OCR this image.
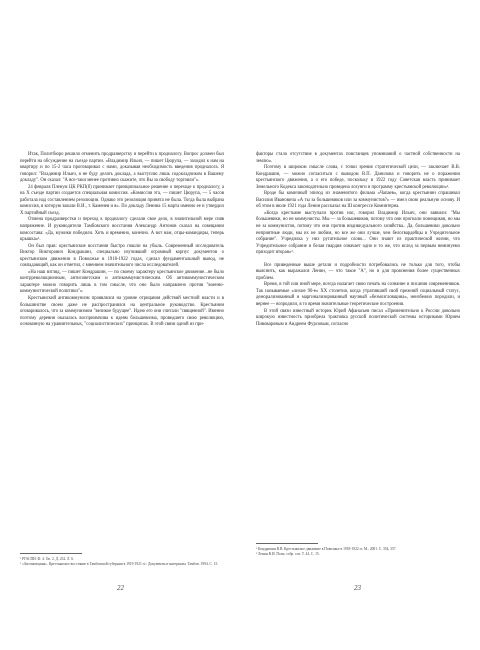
Итак, Политбюро решило отменить продразверстку и перейти к продналогу. Вопрос должен был перейти на обсуждение на съезде партии. «Владимир Ильич, — пишет Цюрупа, — заходил к нам на квартиру и по 15-2 часа проговаривал с нами, доказывая необходимость введения продналога. Я говорил: "Владимир Ильич, я не буду делать доклада, а выступлю лишь содокладчиком в Вашему докладу". Он сказал: "А все-таки менее противно скажите, что Вы за свободу торговли"».

24 февраля Пленум ЦК РКП(б) принимает принципиальное решение о переходе к продналогу, а на X съезде партии создается специальная комиссия. «Комиссия эта, — пишет Цюрупа, — 5 часов работала над составлением резолюции. Однако это резолюция принята не была. Тогда была выбрана комиссия, в которую вошли В.И., т. Каменев и я». По докладу Ленина 15 марта именно ее и утвердил X партийный съезд.

Отмена продразверстки и переход к продналогу сделали свое дело, в значительной мере сняв напряжение. И руководители Тамбовского восстания Александр Антонов сказал на совещании комсостава: «Да, мужики победили. Хоть и временно, конечно. А вот нам, отцы-командиры, теперь крышка»¹.

Он был прав: крестьянские восстания быстро пошли на убыль. Современный исследователь Виктор Викторович Кондрашин, специально изучивший огромный корпус документов о крестьянском движении в Поволжье в 1918-1922 годах, сделал фундаментальный вывод, не совпадающий, как он отметил, с мнением значительного числа исследователей.

«На наш взгляд, — пишет Кондрашин, — по своему характеру крестьянское движение...не было контрреволюционным, антисоветским и антикоммунистическим. Об антикоммунистическом характере можно говорить лишь в том смысле, что оно было направлено против "военно-коммунистической политики"».

Крестьянский антикоммунизм проявлялся на уровне отрицания действий местной власти и в большинстве своем даже не распространялся на центральное руководство. Крестьянин оговаривалось, что за коммунизмом "великое будущее". Идею его они считали "священной". Именно поэтому деревня оказалась восприимчива к идеям большевизма, проведшего свою революцию, основанную на уравнительных, "социалистических" принципах. В этой связи одной из при-

¹ РГАСПИ. Ф. 4. Оп. 2. Д. 232. Л. 6.
² «Антоновщина». Крестьянское восстание в Тамбовской губернии в 1919-1921 гг.: Документы и материалы. Тамбов. 1994. С. 15.
22

факторы стало отсутствие в документах повстанцев упоминаний о частной собственности на землю».

Поэтому в широком смысле слова, с точки зрения стратегической цели, — заключает В.В. Кондрашин, — можно согласиться с выводом В.П. Данилова и говорить не о поражении крестьянского движения, а о его победе, поскольку в 1922 году Советская власть принимает Земельного Кодекса законодательно проведена лозунги и программу крестьянской революции»¹.

Вроде бы комичный эпизод из знаменитого фильма «Чапаев», когда крестьянин спрашивал Василия Ивановича «А ты за большевиков или за коммунистов?» — имел свою реальную основу. И об этом в июле 1921 года Ленин рассказал на III конгрессе Коминтерна.

«Когда крестьяне выступали против нас, говорил Владимир Ильич, они заявили: "Мы большевики, но не коммунисты. Мы — за большевиков, потому что они прогнали помещиков, но мы не за коммунистов, потому что они против индивидуального хозяйства.. Да, большевики довольно неприятные люди, мы их не любим, но все же они лучше, чем белогвардейцы и Учредительное собрание". Учредилка у них ругательное слово... Они знают из практической жизни, что Учредительное собрание и белая гвардия означает одно и то же, что вслед за первым неминуемо приходит вторая»².

Все приведенные выше детали и подробности потребовались не только для того, чтобы выяснить, как выражался Ленин, — что такое "А", но и для прояснения более существенных проблем.

Время, в той или иной мере, всегда налагает свою печать на сознание и писания современников. Так называемые «лихие 90-е» XX столетия, когда утративший свой прежний социальный статус, деморализованный и маргинализированный научный «безмозгловщина», неизбежно породили, и вернее — возродили, в то время значительные теоретические построения.

В этой связи известный историк Юрий Афанасьев писал «Применительно к России довольно широкую известность приобрела трактовка русской политической системы историками Юрием Пивоваровым и Андреем Фурсовым, согласно

¹ Кондрашин В.В. Крестьянское движение в Поволжье в 1918-1922 гг. М., 2001. С. 354, 357.
² Ленин В.И. Полн. собр. соч. Т. 44. С. 15.
23
